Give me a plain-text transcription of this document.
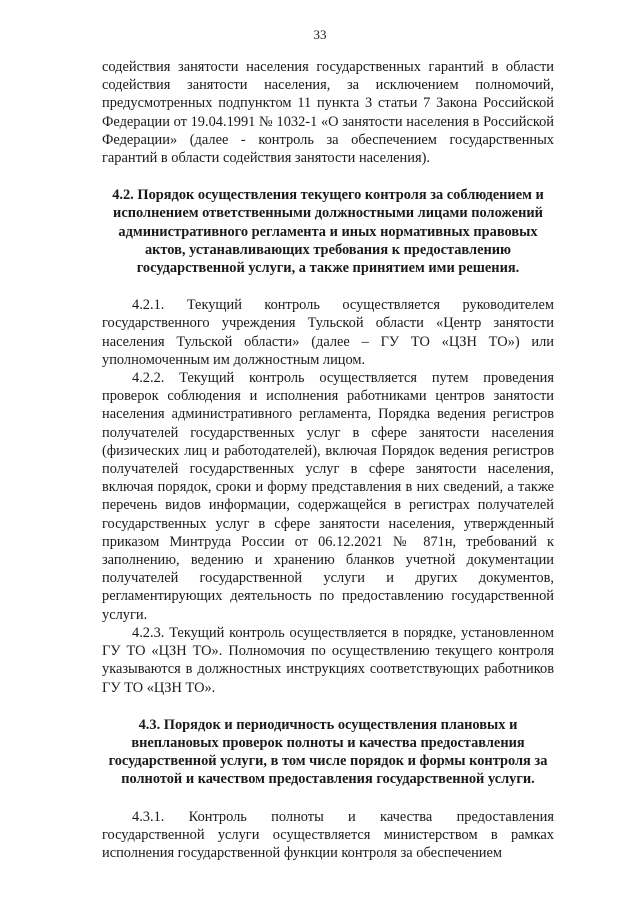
33

содействия занятости населения государственных гарантий в области содействия занятости населения, за исключением полномочий, предусмотренных подпунктом 11 пункта 3 статьи 7 Закона Российской Федерации от 19.04.1991 № 1032-1 «О занятости населения в Российской Федерации» (далее - контроль за обеспечением государственных гарантий в области содействия занятости населения).

4.2. Порядок осуществления текущего контроля за соблюдением и исполнением ответственными должностными лицами положений административного регламента и иных нормативных правовых актов, устанавливающих требования к предоставлению государственной услуги, а также принятием ими решения.

4.2.1. Текущий контроль осуществляется руководителем государственного учреждения Тульской области «Центр занятости населения Тульской области» (далее – ГУ ТО «ЦЗН ТО») или уполномоченным им должностным лицом.

4.2.2. Текущий контроль осуществляется путем проведения проверок соблюдения и исполнения работниками центров занятости населения административного регламента, Порядка ведения регистров получателей государственных услуг в сфере занятости населения (физических лиц и работодателей), включая Порядок ведения регистров получателей государственных услуг в сфере занятости населения, включая порядок, сроки и форму представления в них сведений, а также перечень видов информации, содержащейся в регистрах получателей государственных услуг в сфере занятости населения, утвержденный приказом Минтруда России от 06.12.2021 № 871н, требований к заполнению, ведению и хранению бланков учетной документации получателей государственной услуги и других документов, регламентирующих деятельность по предоставлению государственной услуги.

4.2.3. Текущий контроль осуществляется в порядке, установленном ГУ ТО «ЦЗН ТО». Полномочия по осуществлению текущего контроля указываются в должностных инструкциях соответствующих работников ГУ ТО «ЦЗН ТО».

4.3. Порядок и периодичность осуществления плановых и внеплановых проверок полноты и качества предоставления государственной услуги, в том числе порядок и формы контроля за полнотой и качеством предоставления государственной услуги.

4.3.1. Контроль полноты и качества предоставления государственной услуги осуществляется министерством в рамках исполнения государственной функции контроля за обеспечением
